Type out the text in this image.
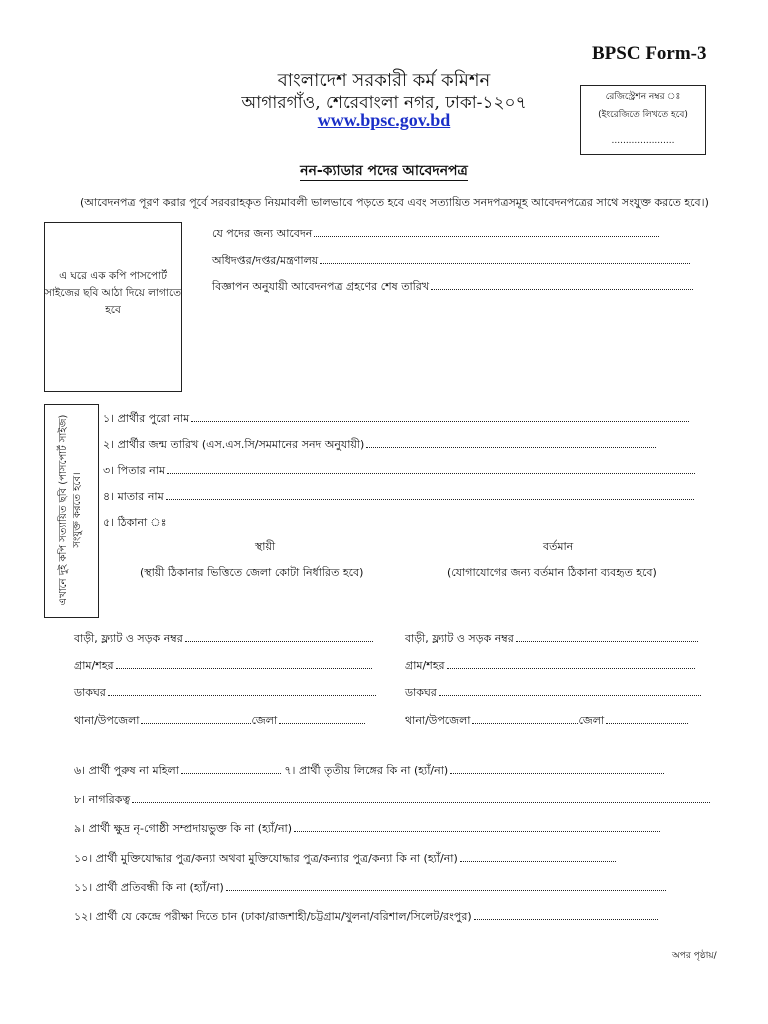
BPSC Form-3
বাংলাদেশ সরকারী কর্ম কমিশন
আগারগাঁও, শেরেবাংলা নগর, ঢাকা-১২০৭
www.bpsc.gov.bd
রেজিস্ট্রেশন নম্বর ঃ
(ইংরেজিতে লিখতে হবে)
......................
নন-ক্যাডার পদের আবেদনপত্র
(আবেদনপত্র পূরণ করার পূর্বে সরবরাহকৃত নিয়মাবলী ভালভাবে পড়তে হবে এবং সত্যায়িত সনদপত্রসমূহ আবেদনপত্রের সাথে সংযুক্ত করতে হবে।)
এ ঘরে এক কপি পাসপোর্ট সাইজের ছবি আঠা দিয়ে লাগাতে হবে
যে পদের জন্য আবেদন
অধিদপ্তর/দপ্তর/মন্ত্রণালয়
বিজ্ঞাপন অনুযায়ী আবেদনপত্র গ্রহণের শেষ তারিখ
এখানে দুই কপি সত্যায়িত ছবি (পাসপোর্ট সাইজ) সংযুক্ত করতে হবে।
১। প্রার্থীর পুরো নাম
২। প্রার্থীর জন্ম তারিখ (এস.এস.সি/সমমানের সনদ অনুযায়ী)
৩। পিতার নাম
৪। মাতার নাম
৫। ঠিকানা ঃ
স্থায়ী
(স্থায়ী ঠিকানার ভিত্তিতে জেলা কোটা নির্ধারিত হবে)
বর্তমান
(যোগাযোগের জন্য বর্তমান ঠিকানা ব্যবহৃত হবে)
বাড়ী, ফ্ল্যাট ও সড়ক নম্বর
গ্রাম/শহর
ডাকঘর
থানা/উপজেলা	জেলা
বাড়ী, ফ্ল্যাট ও সড়ক নম্বর
গ্রাম/শহর
ডাকঘর
থানা/উপজেলা	জেলা
৬। প্রার্থী পুরুষ না মহিলা	৭। প্রার্থী তৃতীয় লিঙ্গের কি না (হ্যাঁ/না)
৮। নাগরিকত্ব
৯। প্রার্থী ক্ষুদ্র নৃ-গোষ্ঠী সম্প্রদায়ভুক্ত কি না (হ্যাঁ/না)
১০। প্রার্থী মুক্তিযোদ্ধার পুত্র/কন্যা অথবা মুক্তিযোদ্ধার পুত্র/কন্যার পুত্র/কন্যা কি না (হ্যাঁ/না)
১১। প্রার্থী প্রতিবন্ধী কি না (হ্যাঁ/না)
১২। প্রার্থী যে কেন্দ্রে পরীক্ষা দিতে চান (ঢাকা/রাজশাহী/চট্টগ্রাম/খুলনা/বরিশাল/সিলেট/রংপুর)
অপর পৃষ্ঠায়/
